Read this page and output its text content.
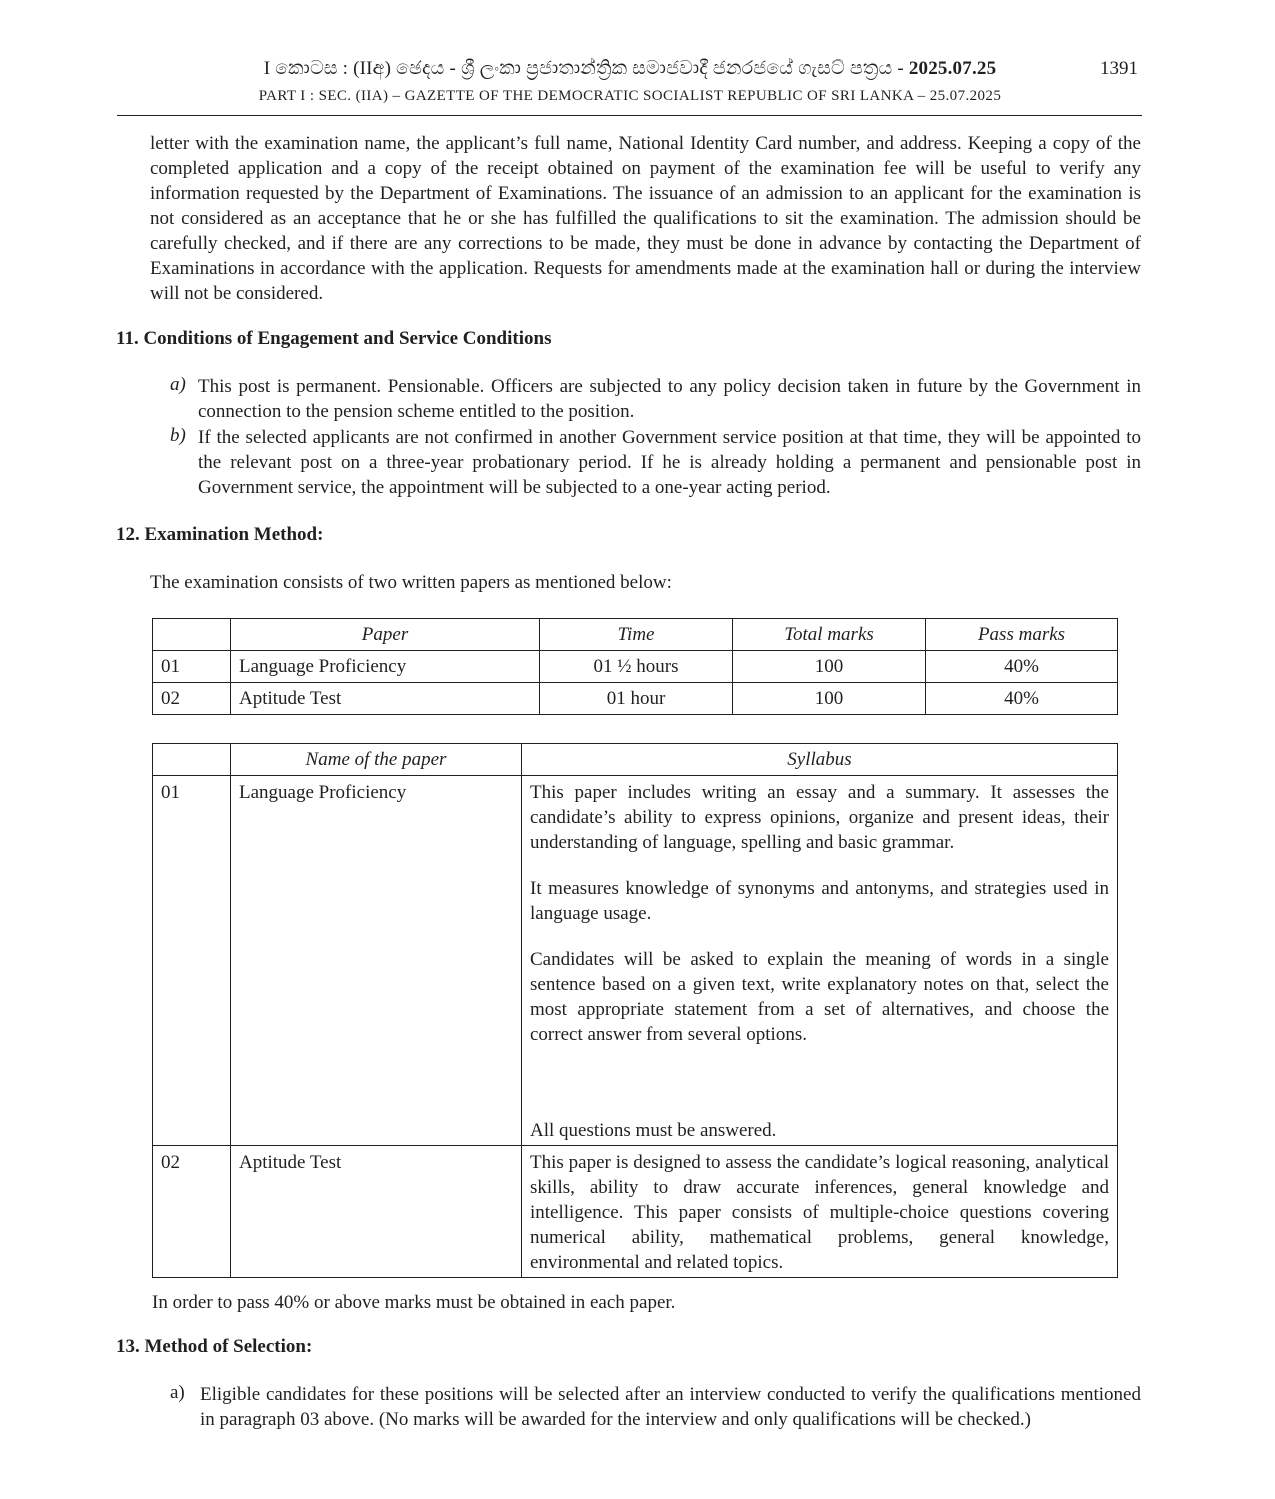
I කොටස : (IIඅ) ඡෙදය - ශ්‍රී ලංකා ප්‍රජාතාන්ත්‍රික සමාජවාදී ජනරජයේ ගැසට් පත්‍රය - 2025.07.25	1391
PART I : SEC. (IIA) – GAZETTE OF THE DEMOCRATIC SOCIALIST REPUBLIC OF SRI LANKA – 25.07.2025
letter with the examination name, the applicant’s full name, National Identity Card number, and address. Keeping a copy of the completed application and a copy of the receipt obtained on payment of the examination fee will be useful to verify any information requested by the Department of Examinations. The issuance of an admission to an applicant for the examination is not considered as an acceptance that he or she has fulfilled the qualifications to sit the examination. The admission should be carefully checked, and if there are any corrections to be made, they must be done in advance by contacting the Department of Examinations in accordance with the application. Requests for amendments made at the examination hall or during the interview will not be considered.
11. Conditions of Engagement and Service Conditions
a) This post is permanent. Pensionable. Officers are subjected to any policy decision taken in future by the Government in connection to the pension scheme entitled to the position.
b) If the selected applicants are not confirmed in another Government service position at that time, they will be appointed to the relevant post on a three-year probationary period. If he is already holding a permanent and pensionable post in Government service, the appointment will be subjected to a one-year acting period.
12. Examination Method:
The examination consists of two written papers as mentioned below:
	Paper	Time	Total marks	Pass marks
01	Language Proficiency	01 ½ hours	100	40%
02	Aptitude Test	01 hour	100	40%
	Name of the paper	Syllabus
01	Language Proficiency	This paper includes writing an essay and a summary. It assesses the candidate’s ability to express opinions, organize and present ideas, their understanding of language, spelling and basic grammar.

It measures knowledge of synonyms and antonyms, and strategies used in language usage.

Candidates will be asked to explain the meaning of words in a single sentence based on a given text, write explanatory notes on that, select the most appropriate statement from a set of alternatives, and choose the correct answer from several options.

All questions must be answered.

02	Aptitude Test	This paper is designed to assess the candidate’s logical reasoning, analytical skills, ability to draw accurate inferences, general knowledge and intelligence. This paper consists of multiple-choice questions covering numerical ability, mathematical problems, general knowledge, environmental and related topics.

In order to pass 40% or above marks must be obtained in each paper.
13. Method of Selection:
a) Eligible candidates for these positions will be selected after an interview conducted to verify the qualifications mentioned in paragraph 03 above. (No marks will be awarded for the interview and only qualifications will be checked.)
